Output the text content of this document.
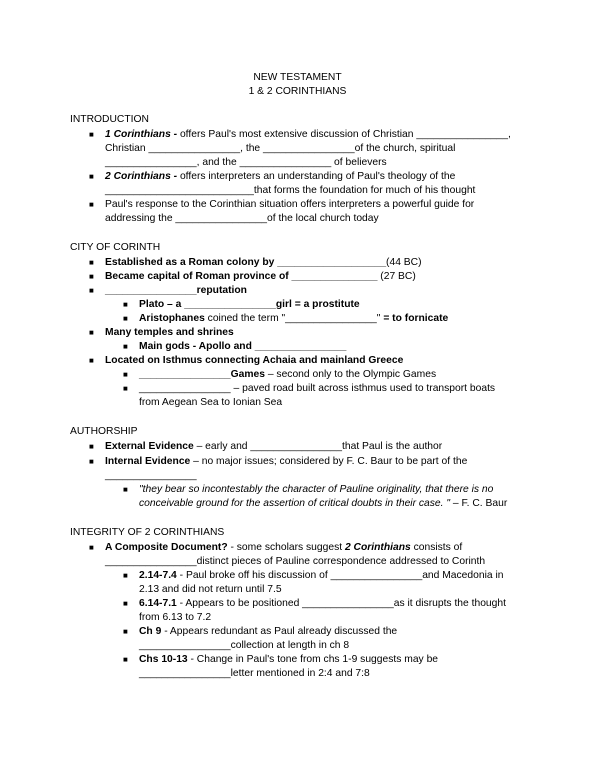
NEW TESTAMENT
1 & 2 CORINTHIANS
INTRODUCTION
■ 1 Corinthians - offers Paul's most extensive discussion of Christian ________________,
Christian ________________, the ________________of the church, spiritual
________________, and the ________________ of believers
■ 2 Corinthians - offers interpreters an understanding of Paul's theology of the
__________________________that forms the foundation for much of his thought
■ Paul's response to the Corinthian situation offers interpreters a powerful guide for
addressing the ________________of the local church today
CITY OF CORINTH
■ Established as a Roman colony by ___________________(44 BC)
■ Became capital of Roman province of _______________ (27 BC)
■ ________________reputation
■ Plato – a ________________girl = a prostitute
■ Aristophanes coined the term "________________" = to fornicate
■ Many temples and shrines
■ Main gods - Apollo and ________________
■ Located on Isthmus connecting Achaia and mainland Greece
■ ________________Games – second only to the Olympic Games
■ ________________ – paved road built across isthmus used to transport boats
from Aegean Sea to Ionian Sea
AUTHORSHIP
■ External Evidence – early and ________________that Paul is the author
■ Internal Evidence – no major issues; considered by F. C. Baur to be part of the
________________
■ "they bear so incontestably the character of Pauline originality, that there is no
conceivable ground for the assertion of critical doubts in their case. " – F. C. Baur
INTEGRITY OF 2 CORINTHIANS
■ A Composite Document? - some scholars suggest 2 Corinthians consists of
________________distinct pieces of Pauline correspondence addressed to Corinth
■ 2.14-7.4 - Paul broke off his discussion of ________________and Macedonia in
2.13 and did not return until 7.5
■ 6.14-7.1 - Appears to be positioned ________________as it disrupts the thought
from 6.13 to 7.2
■ Ch 9 - Appears redundant as Paul already discussed the
________________collection at length in ch 8
■ Chs 10-13 - Change in Paul's tone from chs 1-9 suggests may be
________________letter mentioned in 2:4 and 7:8
